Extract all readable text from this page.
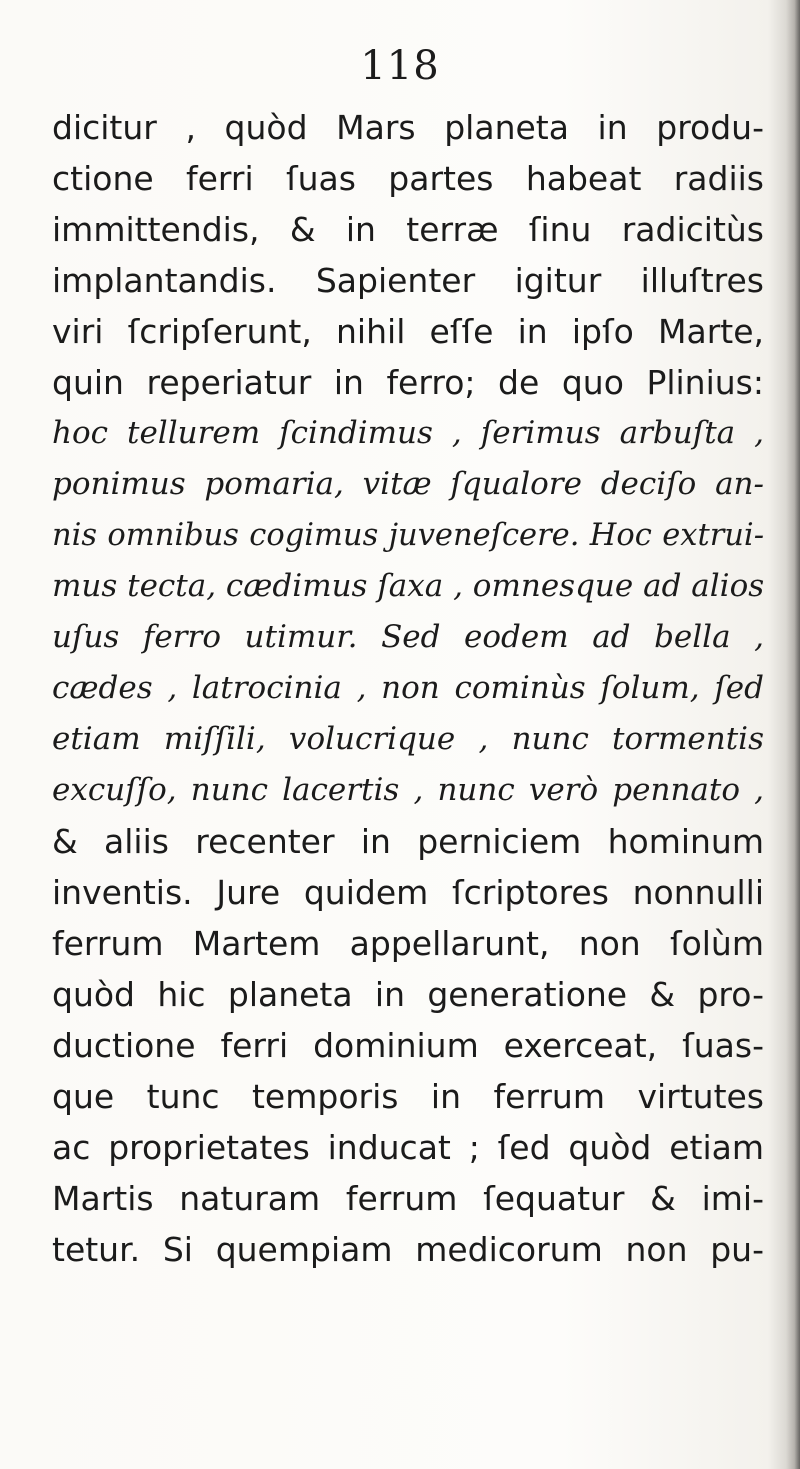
118
dicitur , quòd Mars planeta in produ-
ctione ferri ſuas partes habeat radiis
immittendis, & in terræ ſinu radicitùs
implantandis. Sapienter igitur illuſtres
viri ſcripſerunt, nihil eſſe in ipſo Marte,
quin reperiatur in ferro; de quo Plinius:
hoc tellurem ſcindimus , ſerimus arbuſta ,
ponimus pomaria, vitæ ſqualore deciſo an-
nis omnibus cogimus juveneſcere. Hoc extrui-
mus tecta, cædimus ſaxa , omnesque ad alios
uſus ferro utimur. Sed eodem ad bella ,
cædes , latrocinia , non cominùs ſolum, ſed
etiam miſſili, volucrique , nunc tormentis
excuſſo, nunc lacertis , nunc verò pennato ,
& aliis recenter in perniciem hominum
inventis. Jure quidem ſcriptores nonnulli
ferrum Martem appellarunt, non ſolùm
quòd hic planeta in generatione & pro-
ductione ferri dominium exerceat, ſuas-
que tunc temporis in ferrum virtutes
ac proprietates inducat ; ſed quòd etiam
Martis naturam ferrum ſequatur & imi-
tetur. Si quempiam medicorum non pu-
